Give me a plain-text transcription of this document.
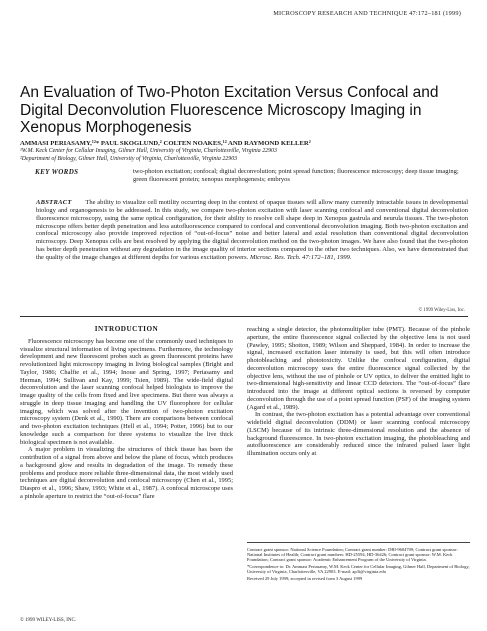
MICROSCOPY RESEARCH AND TECHNIQUE 47:172–181 (1999)
An Evaluation of Two-Photon Excitation Versus Confocal and Digital Deconvolution Fluorescence Microscopy Imaging in Xenopus Morphogenesis
AMMASI PERIASAMY,¹²* PAUL SKOGLUND,² COLTEN NOAKES,¹² AND RAYMOND KELLER²
¹W.M. Keck Center for Cellular Imaging, Gilmer Hall, University of Virginia, Charlottesville, Virginia 22903
²Department of Biology, Gilmer Hall, University of Virginia, Charlottesville, Virginia 22903
KEY WORDS	two-photon excitation; confocal; digital deconvolution; point spread function; fluorescence microscopy; deep tissue imaging; green fluorescent protein; xenopus morphogenesis; embryos
ABSTRACT The ability to visualize cell motility occurring deep in the context of opaque tissues will allow many currently intractable issues in developmental biology and organogenesis to be addressed. In this study, we compare two-photon excitation with laser scanning confocal and conventional digital deconvolution fluorescence microscopy, using the same optical configuration, for their ability to resolve cell shape deep in Xenopus gastrula and neurula tissues. The two-photon microscope offers better depth penetration and less autofluorescence compared to confocal and conventional deconvolution imaging. Both two-photon excitation and confocal microscopy also provide improved rejection of “out-of-focus” noise and better lateral and axial resolution than conventional digital deconvolution microscopy. Deep Xenopus cells are best resolved by applying the digital deconvolution method on the two-photon images. We have also found that the two-photon has better depth penetration without any degradation in the image quality of interior sections compared to the other two techniques. Also, we have demonstrated that the quality of the image changes at different depths for various excitation powers. Microsc. Res. Tech. 47:172–181, 1999.
© 1999 Wiley-Liss, Inc.
INTRODUCTION

Fluorescence microscopy has become one of the commonly used techniques to visualize structural information of living specimens. Furthermore, the technology development and new fluorescent probes such as green fluorescent proteins have revolutionized light microscopy imaging in living biological samples (Bright and Taylor, 1986; Chalfie et al., 1994; Inoue and Spring, 1997; Periasamy and Herman, 1994; Sullivan and Kay, 1999; Tsien, 1989). The wide-field digital deconvolution and the laser scanning confocal helped biologists to improve the image quality of the cells from fixed and live specimens. But there was always a struggle in deep tissue imaging and handling the UV fluorophore for cellular imaging, which was solved after the invention of two-photon excitation microscopy system (Denk et al., 1990). There are comparisons between confocal and two-photon excitation techniques (Hell et al., 1994; Potter, 1996) but to our knowledge such a comparison for three systems to visualize the live thick biological specimen is not available.

A major problem in visualizing the structures of thick tissue has been the contribution of a signal from above and below the plane of focus, which produces a background glow and results in degradation of the image. To remedy these problems and produce more reliable three-dimensional data, the most widely used techniques are digital deconvolution and confocal microscopy (Chen et al., 1995; Diaspro et al., 1996; Shaw, 1993; White et al., 1987). A confocal microscope uses a pinhole aperture to restrict the “out-of-focus” flare

reaching a single detector, the photomultiplier tube (PMT). Because of the pinhole aperture, the entire fluorescence signal collected by the objective lens is not used (Pawley, 1995; Shotton, 1989; Wilson and Sheppard, 1984). In order to increase the signal, increased excitation laser intensity is used, but this will often introduce photobleaching and phototoxicity. Unlike the confocal configuration, digital deconvolution microscopy uses the entire fluorescence signal collected by the objective lens, without the use of pinhole or UV optics, to deliver the emitted light to two-dimensional high-sensitivity and linear CCD detectors. The “out-of-focus” flare introduced into the image at different optical sections is reversed by computer deconvolution through the use of a point spread function (PSF) of the imaging system (Agard et al., 1989).

In contrast, the two-photon excitation has a potential advantage over conventional widefield digital deconvolution (DDM) or laser scanning confocal microscopy (LSCM) because of its intrinsic three-dimensional resolution and the absence of background fluorescence. In two-photon excitation imaging, the photobleaching and autofluorescence are considerably reduced since the infrared pulsed laser light illumination occurs only at

Contract grant sponsor: National Science Foundation; Contract grant number: DBI-9604709; Contract grant sponsor: National Institutes of Health; Contract grant numbers: HD-25594, HD-36426; Contract grant sponsor: W.M. Keck Foundation; Contract grant sponsor: Academic Enhancement Program of the University of Virginia.

*Correspondence to: Dr. Ammasi Periasamy, W.M. Keck Center for Cellular Imaging, Gilmer Hall, Department of Biology, University of Virginia, Charlottesville, VA 22903. E-mail: ap3t@virginia.edu

Received 29 July 1999; accepted in revised form 3 August 1999

© 1999 WILEY-LISS, INC.
